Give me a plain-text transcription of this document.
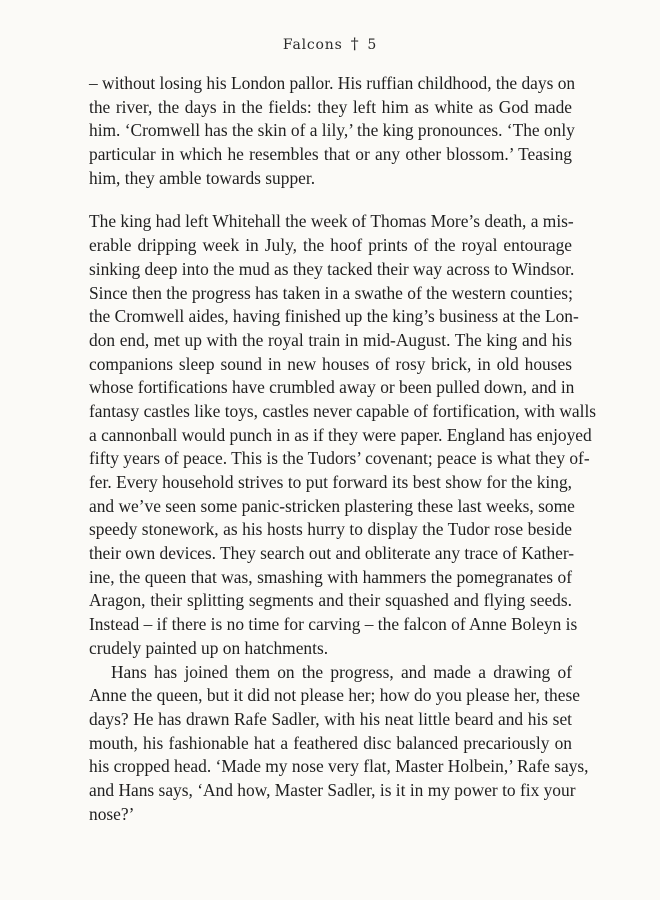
Falcons † 5
– without losing his London pallor. His ruffian childhood, the days on
the river, the days in the fields: they left him as white as God made
him. ‘Cromwell has the skin of a lily,’ the king pronounces. ‘The only
particular in which he resembles that or any other blossom.’ Teasing
him, they amble towards supper.
The king had left Whitehall the week of Thomas More’s death, a mis-
erable dripping week in July, the hoof prints of the royal entourage
sinking deep into the mud as they tacked their way across to Windsor.
Since then the progress has taken in a swathe of the western counties;
the Cromwell aides, having finished up the king’s business at the Lon-
don end, met up with the royal train in mid-August. The king and his
companions sleep sound in new houses of rosy brick, in old houses
whose fortifications have crumbled away or been pulled down, and in
fantasy castles like toys, castles never capable of fortification, with walls
a cannonball would punch in as if they were paper. England has enjoyed
fifty years of peace. This is the Tudors’ covenant; peace is what they of-
fer. Every household strives to put forward its best show for the king,
and we’ve seen some panic-stricken plastering these last weeks, some
speedy stonework, as his hosts hurry to display the Tudor rose beside
their own devices. They search out and obliterate any trace of Kather-
ine, the queen that was, smashing with hammers the pomegranates of
Aragon, their splitting segments and their squashed and flying seeds.
Instead – if there is no time for carving – the falcon of Anne Boleyn is
crudely painted up on hatchments.
Hans has joined them on the progress, and made a drawing of
Anne the queen, but it did not please her; how do you please her, these
days? He has drawn Rafe Sadler, with his neat little beard and his set
mouth, his fashionable hat a feathered disc balanced precariously on
his cropped head. ‘Made my nose very flat, Master Holbein,’ Rafe says,
and Hans says, ‘And how, Master Sadler, is it in my power to fix your
nose?’
